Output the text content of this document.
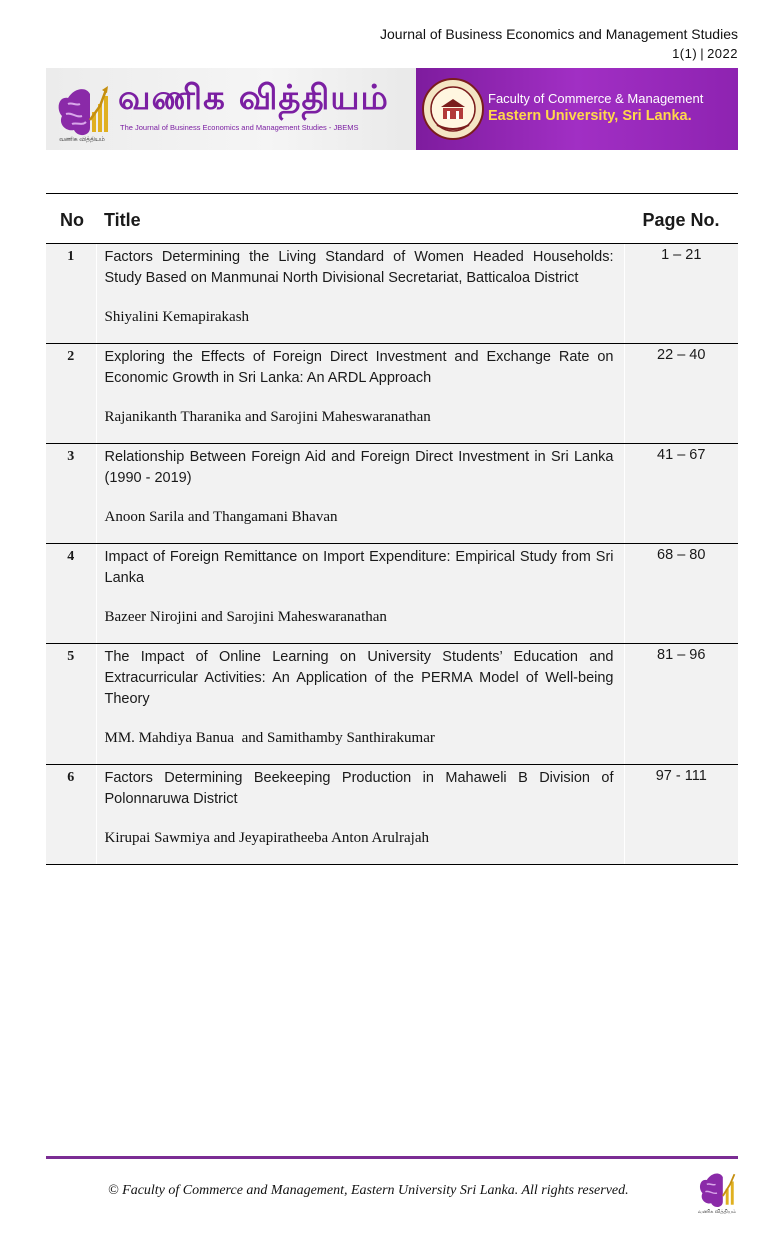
Journal of Business Economics and Management Studies
1(1) | 2022
வணிக வித்தியம்
வணிக வித்தியம்
The Journal of Business Economics and Management Studies - JBEMS
Faculty of Commerce & Management
Eastern University, Sri Lanka.
No	Title	Page No.
1	Factors Determining the Living Standard of Women Headed Households: Study Based on Manmunai North Divisional Secretariat, Batticaloa District
Shiyalini Kemapirakash	1 – 21
2	Exploring the Effects of Foreign Direct Investment and Exchange Rate on Economic Growth in Sri Lanka: An ARDL Approach
Rajanikanth Tharanika and Sarojini Maheswaranathan	22 – 40
3	Relationship Between Foreign Aid and Foreign Direct Investment in Sri Lanka (1990 - 2019)
Anoon Sarila and Thangamani Bhavan	41 – 67
4	Impact of Foreign Remittance on Import Expenditure: Empirical Study from Sri Lanka
Bazeer Nirojini and Sarojini Maheswaranathan	68 – 80
5	The Impact of Online Learning on University Students’ Education and Extracurricular Activities: An Application of the PERMA Model of Well-being Theory
MM. Mahdiya Banua  and Samithamby Santhirakumar	81 – 96
6	Factors Determining Beekeeping Production in Mahaweli B Division of Polonnaruwa District
Kirupai Sawmiya and Jeyapiratheeba Anton Arulrajah	97 - 111
© Faculty of Commerce and Management, Eastern University Sri Lanka. All rights reserved.
வணிக வித்தியம்
